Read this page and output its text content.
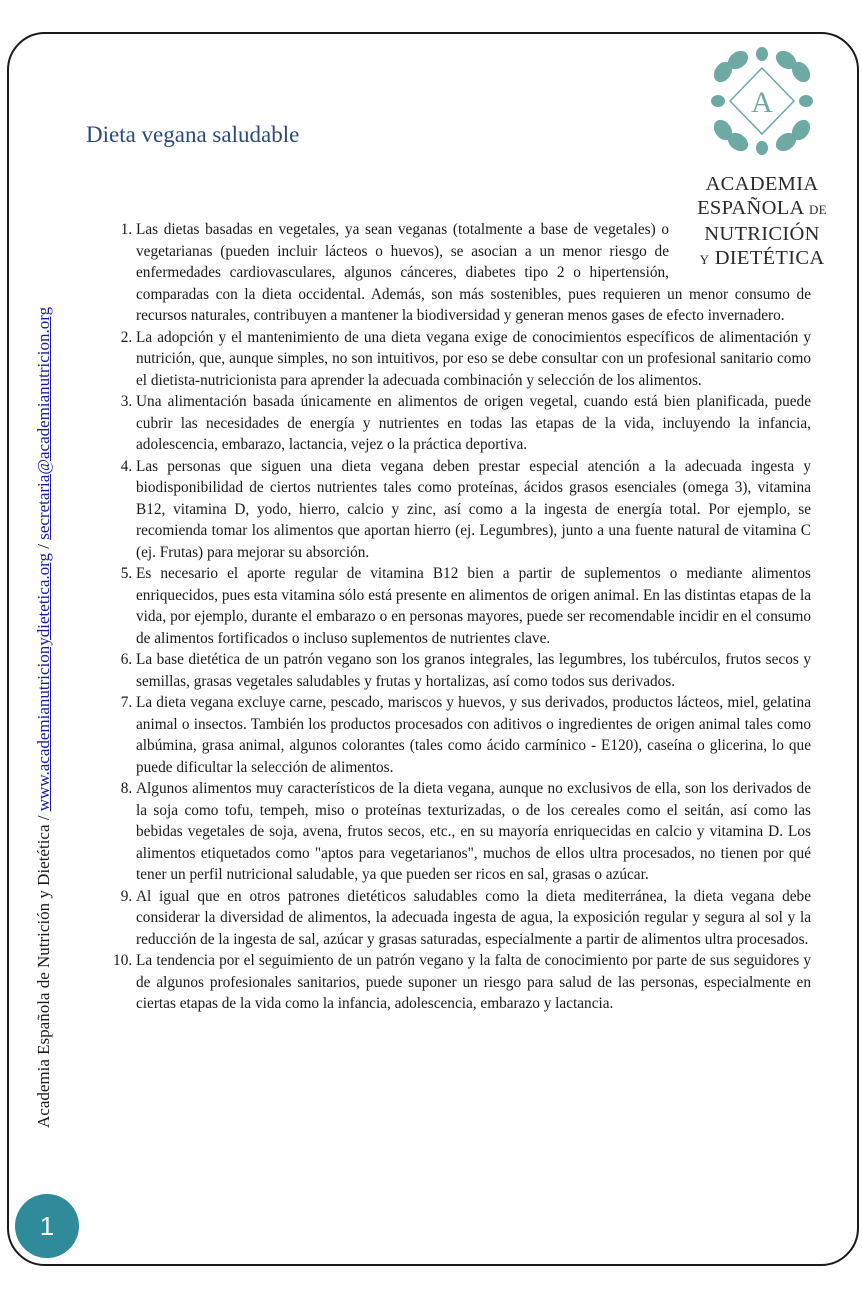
Academia Española de Nutrición y Dietética / www.academianutricionydietetica.org / secretaria@academianutricion.org
Dieta vegana saludable
A
ACADEMIA
ESPAÑOLA DE
NUTRICIÓN
Y DIETÉTICA
1. Las dietas basadas en vegetales, ya sean veganas (totalmente a base de vegetales) o vegetarianas (pueden incluir lácteos o huevos), se asocian a un menor riesgo de enfermedades cardiovasculares, algunos cánceres, diabetes tipo 2 o hipertensión, comparadas con la dieta occidental. Además, son más sostenibles, pues requieren un menor consumo de recursos naturales, contribuyen a mantener la biodiversidad y generan menos gases de efecto invernadero.
2. La adopción y el mantenimiento de una dieta vegana exige de conocimientos específicos de alimentación y nutrición, que, aunque simples, no son intuitivos, por eso se debe consultar con un profesional sanitario como el dietista-nutricionista para aprender la adecuada combinación y selección de los alimentos.
3. Una alimentación basada únicamente en alimentos de origen vegetal, cuando está bien planificada, puede cubrir las necesidades de energía y nutrientes en todas las etapas de la vida, incluyendo la infancia, adolescencia, embarazo, lactancia, vejez o la práctica deportiva.
4. Las personas que siguen una dieta vegana deben prestar especial atención a la adecuada ingesta y biodisponibilidad de ciertos nutrientes tales como proteínas, ácidos grasos esenciales (omega 3), vitamina B12, vitamina D, yodo, hierro, calcio y zinc, así como a la ingesta de energía total. Por ejemplo, se recomienda tomar los alimentos que aportan hierro (ej. Legumbres), junto a una fuente natural de vitamina C (ej. Frutas) para mejorar su absorción.
5. Es necesario el aporte regular de vitamina B12 bien a partir de suplementos o mediante alimentos enriquecidos, pues esta vitamina sólo está presente en alimentos de origen animal. En las distintas etapas de la vida, por ejemplo, durante el embarazo o en personas mayores, puede ser recomendable incidir en el consumo de alimentos fortificados o incluso suplementos de nutrientes clave.
6. La base dietética de un patrón vegano son los granos integrales, las legumbres, los tubérculos, frutos secos y semillas, grasas vegetales saludables y frutas y hortalizas, así como todos sus derivados.
7. La dieta vegana excluye carne, pescado, mariscos y huevos, y sus derivados, productos lácteos, miel, gelatina animal o insectos. También los productos procesados con aditivos o ingredientes de origen animal tales como albúmina, grasa animal, algunos colorantes (tales como ácido carmínico - E120), caseína o glicerina, lo que puede dificultar la selección de alimentos.
8. Algunos alimentos muy característicos de la dieta vegana, aunque no exclusivos de ella, son los derivados de la soja como tofu, tempeh, miso o proteínas texturizadas, o de los cereales como el seitán, así como las bebidas vegetales de soja, avena, frutos secos, etc., en su mayoría enriquecidas en calcio y vitamina D. Los alimentos etiquetados como "aptos para vegetarianos", muchos de ellos ultra procesados, no tienen por qué tener un perfil nutricional saludable, ya que pueden ser ricos en sal, grasas o azúcar.
9. Al igual que en otros patrones dietéticos saludables como la dieta mediterránea, la dieta vegana debe considerar la diversidad de alimentos, la adecuada ingesta de agua, la exposición regular y segura al sol y la reducción de la ingesta de sal, azúcar y grasas saturadas, especialmente a partir de alimentos ultra procesados.
10. La tendencia por el seguimiento de un patrón vegano y la falta de conocimiento por parte de sus seguidores y de algunos profesionales sanitarios, puede suponer un riesgo para salud de las personas, especialmente en ciertas etapas de la vida como la infancia, adolescencia, embarazo y lactancia.
1
